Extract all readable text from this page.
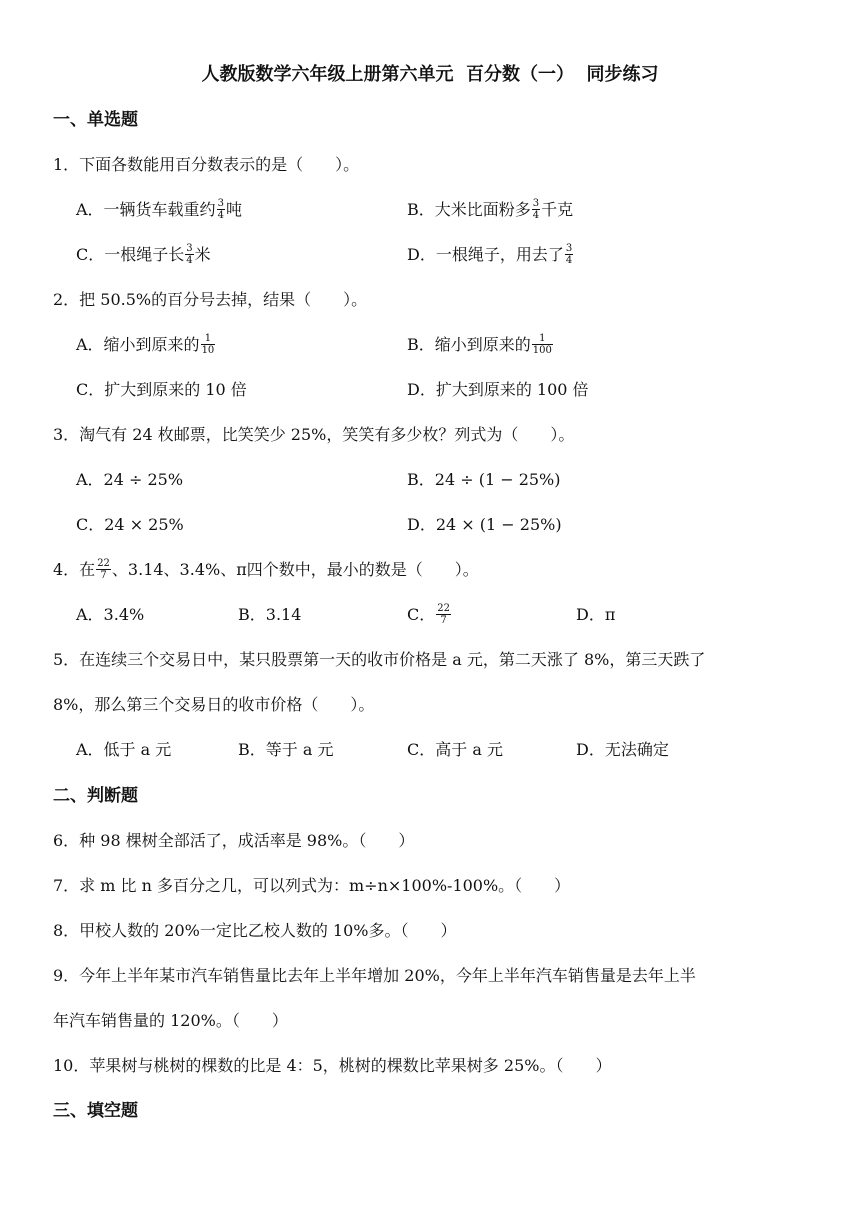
人教版数学六年级上册第六单元  百分数（一）  同步练习
一、单选题
1．下面各数能用百分数表示的是（　　）。
A．一辆货车载重约 $\frac{3}{4}$ 吨	B．大米比面粉多 $\frac{3}{4}$ 千克
C．一根绳子长 $\frac{3}{4}$ 米	D．一根绳子，用去了 $\frac{3}{4}$
2．把 50.5%的百分号去掉，结果（　　）。
A．缩小到原来的 $\frac{1}{10}$	B．缩小到原来的 $\frac{1}{100}$
C．扩大到原来的 10 倍	D．扩大到原来的 100 倍
3．淘气有 24 枚邮票，比笑笑少 25%，笑笑有多少枚？列式为（　　）。
A．24 ÷ 25%	B．24 ÷ (1 − 25%)
C．24 × 25%	D．24 × (1 − 25%)
4．在 $\frac{22}{7}$ 、3.14、3.4%、π四个数中，最小的数是（　　）。
A．3.4%	B．3.14	C． $\frac{22}{7}$	D．π
5．在连续三个交易日中，某只股票第一天的收市价格是 a 元，第二天涨了 8%，第三天跌了
8%，那么第三个交易日的收市价格（　　）。
A．低于 a 元	B．等于 a 元	C．高于 a 元	D．无法确定
二、判断题
6．种 98 棵树全部活了，成活率是 98%。（　　）
7．求 m 比 n 多百分之几，可以列式为：m÷n×100%-100%。（　　）
8．甲校人数的 20%一定比乙校人数的 10%多。（　　）
9．今年上半年某市汽车销售量比去年上半年增加 20%，今年上半年汽车销售量是去年上半
年汽车销售量的 120%。（　　）
10．苹果树与桃树的棵数的比是 4：5，桃树的棵数比苹果树多 25%。（　　）
三、填空题
